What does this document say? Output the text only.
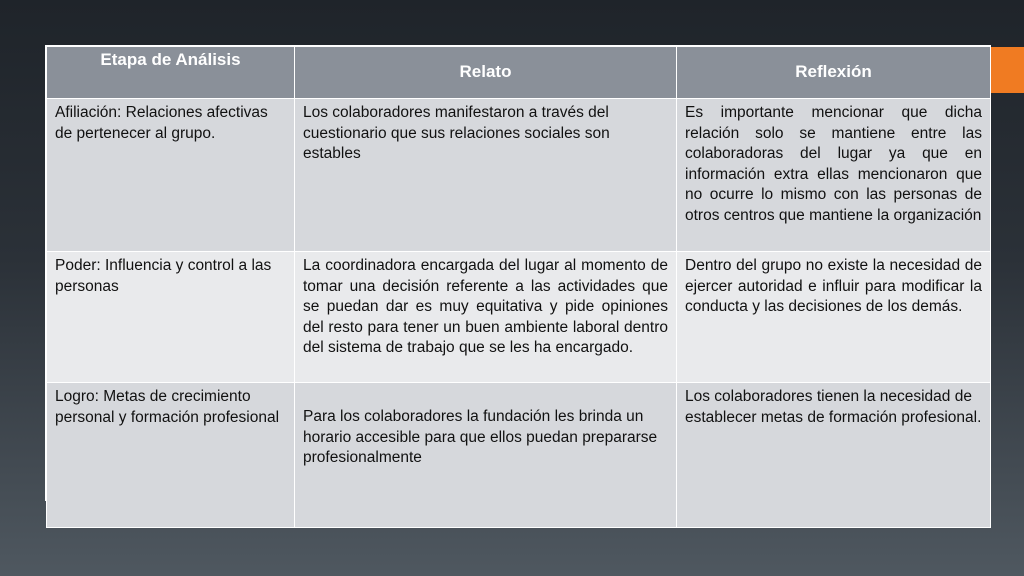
Etapa de Análisis	Relato	Reflexión
Afiliación: Relaciones afectivas de pertenecer al grupo.	Los colaboradores manifestaron a través del cuestionario que sus relaciones sociales son estables	Es importante mencionar que dicha relación solo se mantiene entre las colaboradoras del lugar ya que en información extra ellas mencionaron que no ocurre lo mismo con las personas de otros centros que mantiene la organización
Poder: Influencia y control a las personas	La coordinadora encargada del lugar al momento de tomar una decisión referente a las actividades que se puedan dar es muy equitativa y pide opiniones del resto para tener un buen ambiente laboral dentro del sistema de trabajo que se les ha encargado.	Dentro del grupo no existe la necesidad de ejercer autoridad e influir para modificar la conducta y las decisiones de los demás.
Logro: Metas de crecimiento personal y formación profesional	Para los colaboradores la fundación les brinda un horario accesible para que ellos puedan prepararse profesionalmente	Los colaboradores tienen la necesidad de establecer metas de formación profesional.
